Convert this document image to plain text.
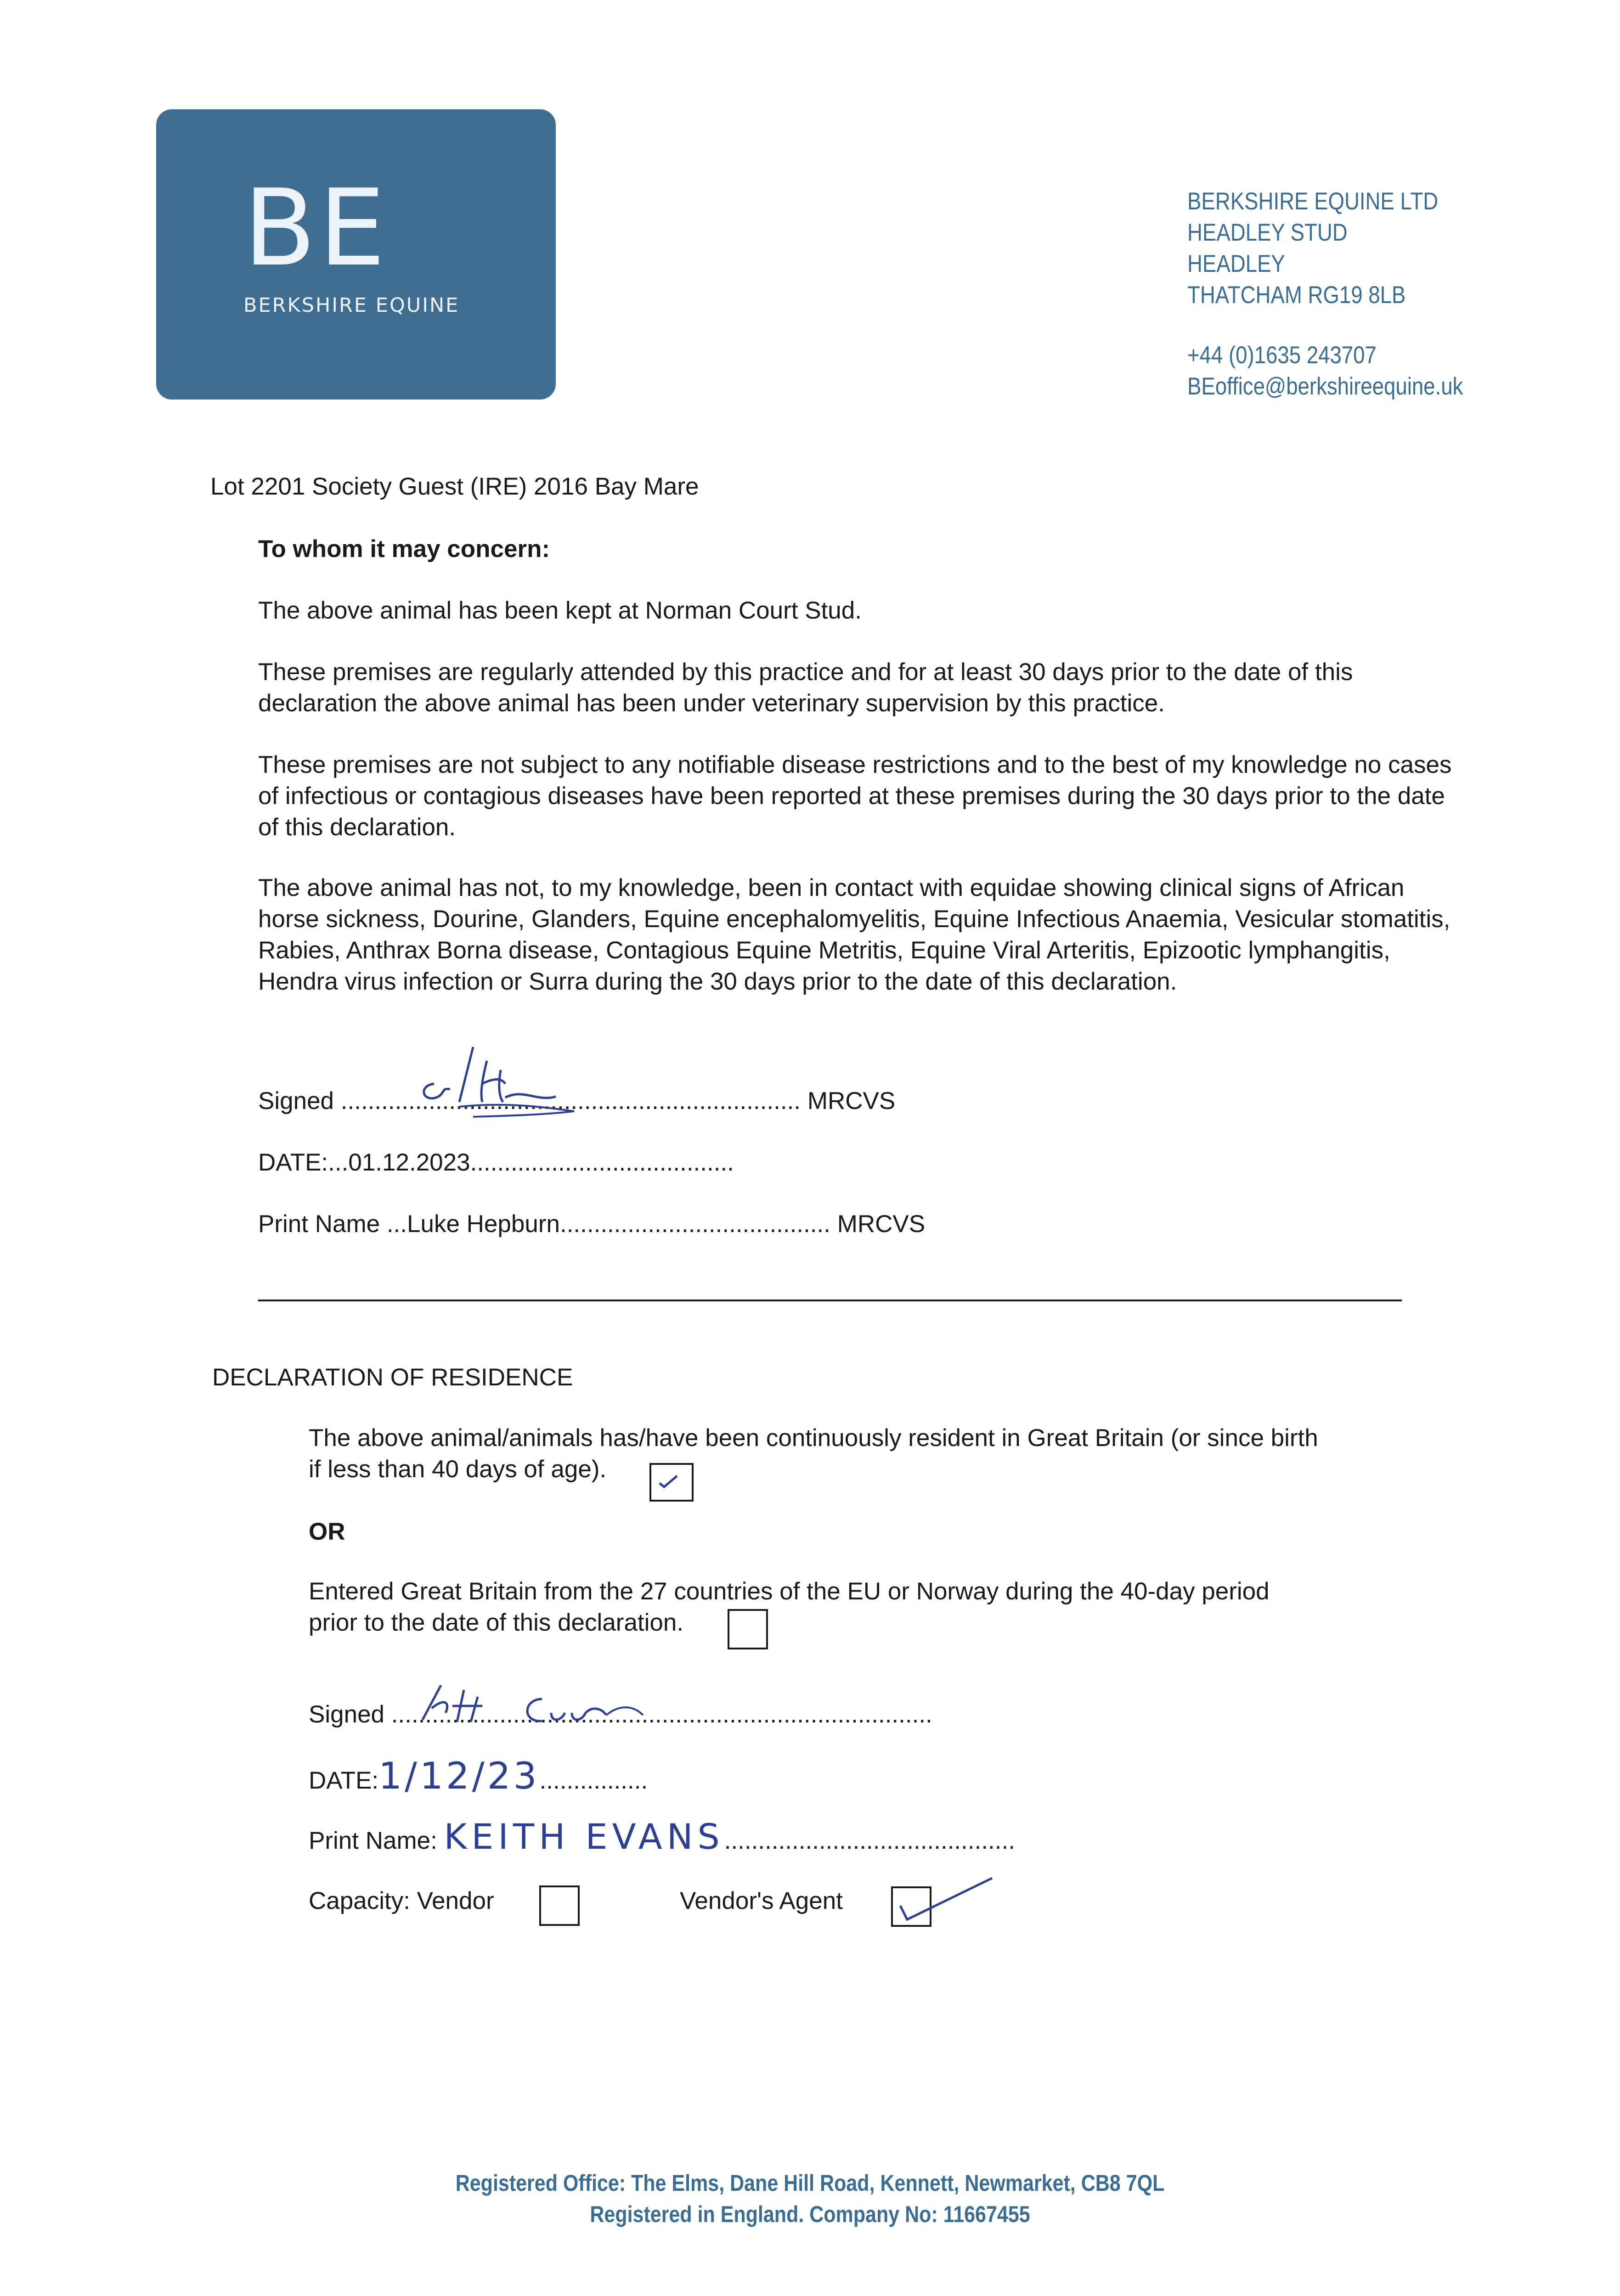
BE
BERKSHIRE EQUINE
BERKSHIRE EQUINE LTD
HEADLEY STUD
HEADLEY
THATCHAM RG19 8LB
+44 (0)1635 243707
BEoffice@berkshireequine.uk
Lot 2201 Society Guest (IRE) 2016 Bay Mare
To whom it may concern:
The above animal has been kept at Norman Court Stud.
These premises are regularly attended by this practice and for at least 30 days prior to the date of this declaration the above animal has been under veterinary supervision by this practice.
These premises are not subject to any notifiable disease restrictions and to the best of my knowledge no cases of infectious or contagious diseases have been reported at these premises during the 30 days prior to the date of this declaration.
The above animal has not, to my knowledge, been in contact with equidae showing clinical signs of African horse sickness, Dourine, Glanders, Equine encephalomyelitis, Equine Infectious Anaemia, Vesicular stomatitis, Rabies, Anthrax Borna disease, Contagious Equine Metritis, Equine Viral Arteritis, Epizootic lymphangitis, Hendra virus infection or Surra during the 30 days prior to the date of this declaration.
Signed .................................................................... MRCVS
DATE:...01.12.2023.......................................
Print Name ...Luke Hepburn........................................ MRCVS
DECLARATION OF RESIDENCE
The above animal/animals has/have been continuously resident in Great Britain (or since birth
if less than 40 days of age).
OR
Entered Great Britain from the 27 countries of the EU or Norway during the 40-day period
prior to the date of this declaration.
Signed ................................................................................
DATE:1/12/23................
Print Name: KEITH EVANS...........................................
Capacity: Vendor	Vendor's Agent
Registered Office: The Elms, Dane Hill Road, Kennett, Newmarket, CB8 7QL
Registered in England. Company No: 11667455
